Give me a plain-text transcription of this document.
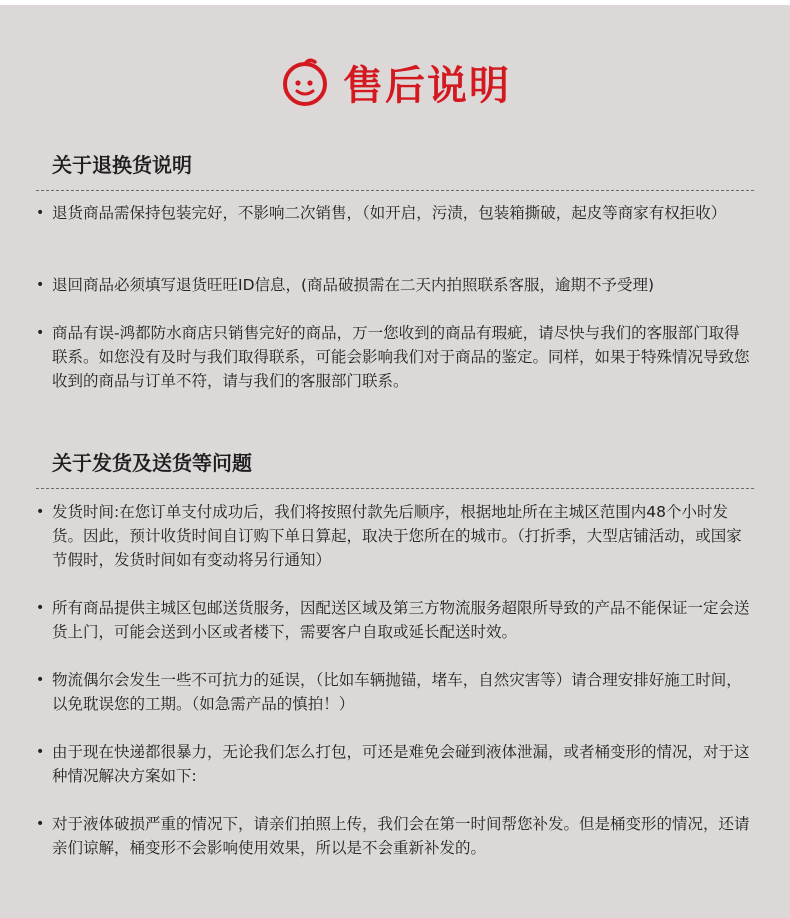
售后说明
关于退换货说明
• 退货商品需保持包装完好，不影响二次销售，（如开启，污渍，包装箱撕破，起皮等商家有权拒收）
• 退回商品必须填写退货旺旺ID信息，(商品破损需在二天内拍照联系客服，逾期不予受理)
• 商品有误-鸿都防水商店只销售完好的商品，万一您收到的商品有瑕疵，请尽快与我们的客服部门取得联系。如您没有及时与我们取得联系，可能会影响我们对于商品的鉴定。同样，如果于特殊情况导致您收到的商品与订单不符，请与我们的客服部门联系。
关于发货及送货等问题
• 发货时间:在您订单支付成功后，我们将按照付款先后顺序，根据地址所在主城区范围内48个小时发货。因此，预计收货时间自订购下单日算起，取决于您所在的城市。（打折季，大型店铺活动，或国家节假时，发货时间如有变动将另行通知）
• 所有商品提供主城区包邮送货服务，因配送区域及第三方物流服务超限所导致的产品不能保证一定会送货上门，可能会送到小区或者楼下，需要客户自取或延长配送时效。
• 物流偶尔会发生一些不可抗力的延误，（比如车辆抛锚，堵车，自然灾害等）请合理安排好施工时间，以免耽误您的工期。（如急需产品的慎拍！）
• 由于现在快递都很暴力，无论我们怎么打包，可还是难免会碰到液体泄漏，或者桶变形的情况，对于这种情况解决方案如下:
• 对于液体破损严重的情况下，请亲们拍照上传，我们会在第一时间帮您补发。但是桶变形的情况，还请亲们谅解，桶变形不会影响使用效果，所以是不会重新补发的。
